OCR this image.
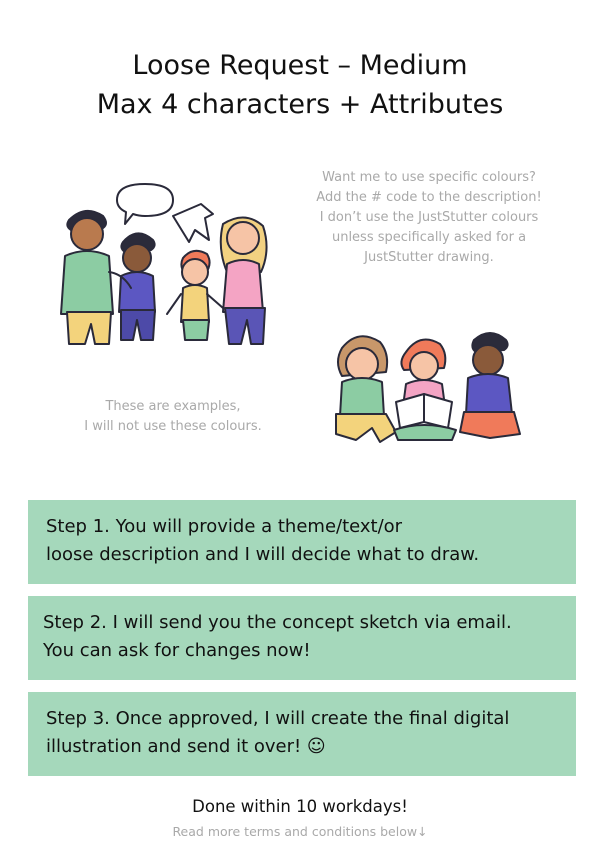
Loose Request – Medium
Max 4 characters + Attributes
Want me to use specific colours?
Add the # code to the description!
I don’t use the JustStutter colours
unless specifically asked for a
JustStutter drawing.
These are examples,
I will not use these colours.
Step 1. You will provide a theme/text/or
loose description and I will decide what to draw.
Step 2. I will send you the concept sketch via email.
You can ask for changes now!
Step 3. Once approved, I will create the final digital
illustration and send it over! ☺
Done within 10 workdays!
Read more terms and conditions below↓
